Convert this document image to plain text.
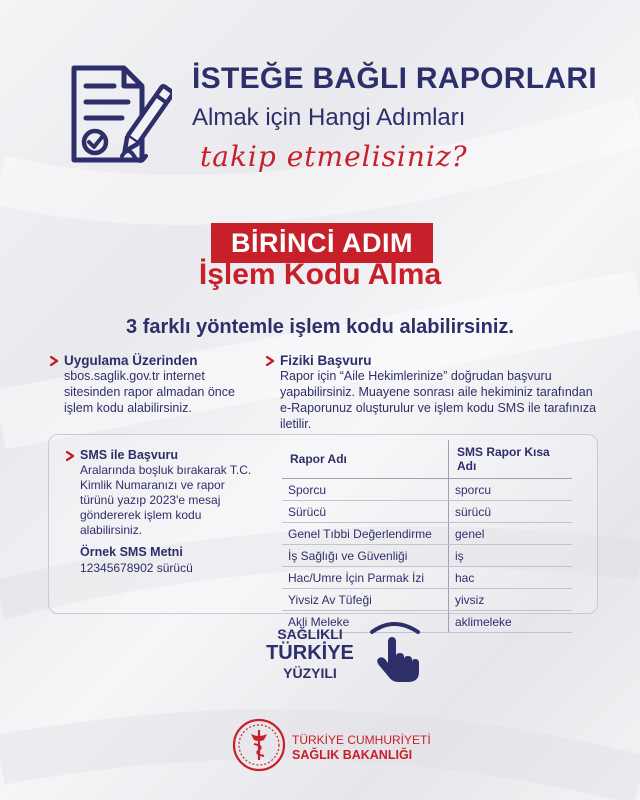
İSTEĞE BAĞLI RAPORLARI
Almak için Hangi Adımları
takip etmelisiniz?
BİRİNCİ ADIM
İşlem Kodu Alma
3 farklı yöntemle işlem kodu alabilirsiniz.
Uygulama Üzerinden
sbos.saglik.gov.tr internet sitesinden rapor almadan önce işlem kodu alabilirsiniz.
Fiziki Başvuru
Rapor için “Aile Hekimlerinize” doğrudan başvuru yapabilirsiniz. Muayene sonrası aile hekiminiz tarafından e-Raporunuz oluşturulur ve işlem kodu SMS ile tarafınıza iletilir.
SMS ile Başvuru
Aralarında boşluk bırakarak T.C. Kimlik Numaranızı ve rapor türünü yazıp 2023'e mesaj göndererek işlem kodu alabilirsiniz.
Örnek SMS Metni
12345678902 sürücü
Rapor Adı	SMS Rapor Kısa Adı
Sporcu	sporcu
Sürücü	sürücü
Genel Tıbbi Değerlendirme	genel
İş Sağlığı ve Güvenliği	iş
Hac/Umre İçin Parmak İzi	hac
Yivsiz Av Tüfeği	yivsiz
Akli Meleke	aklimeleke
SAĞLIKLI
TÜRKİYE
YÜZYILI
TÜRKİYE CUMHURİYETİ
SAĞLIK BAKANLIĞI
